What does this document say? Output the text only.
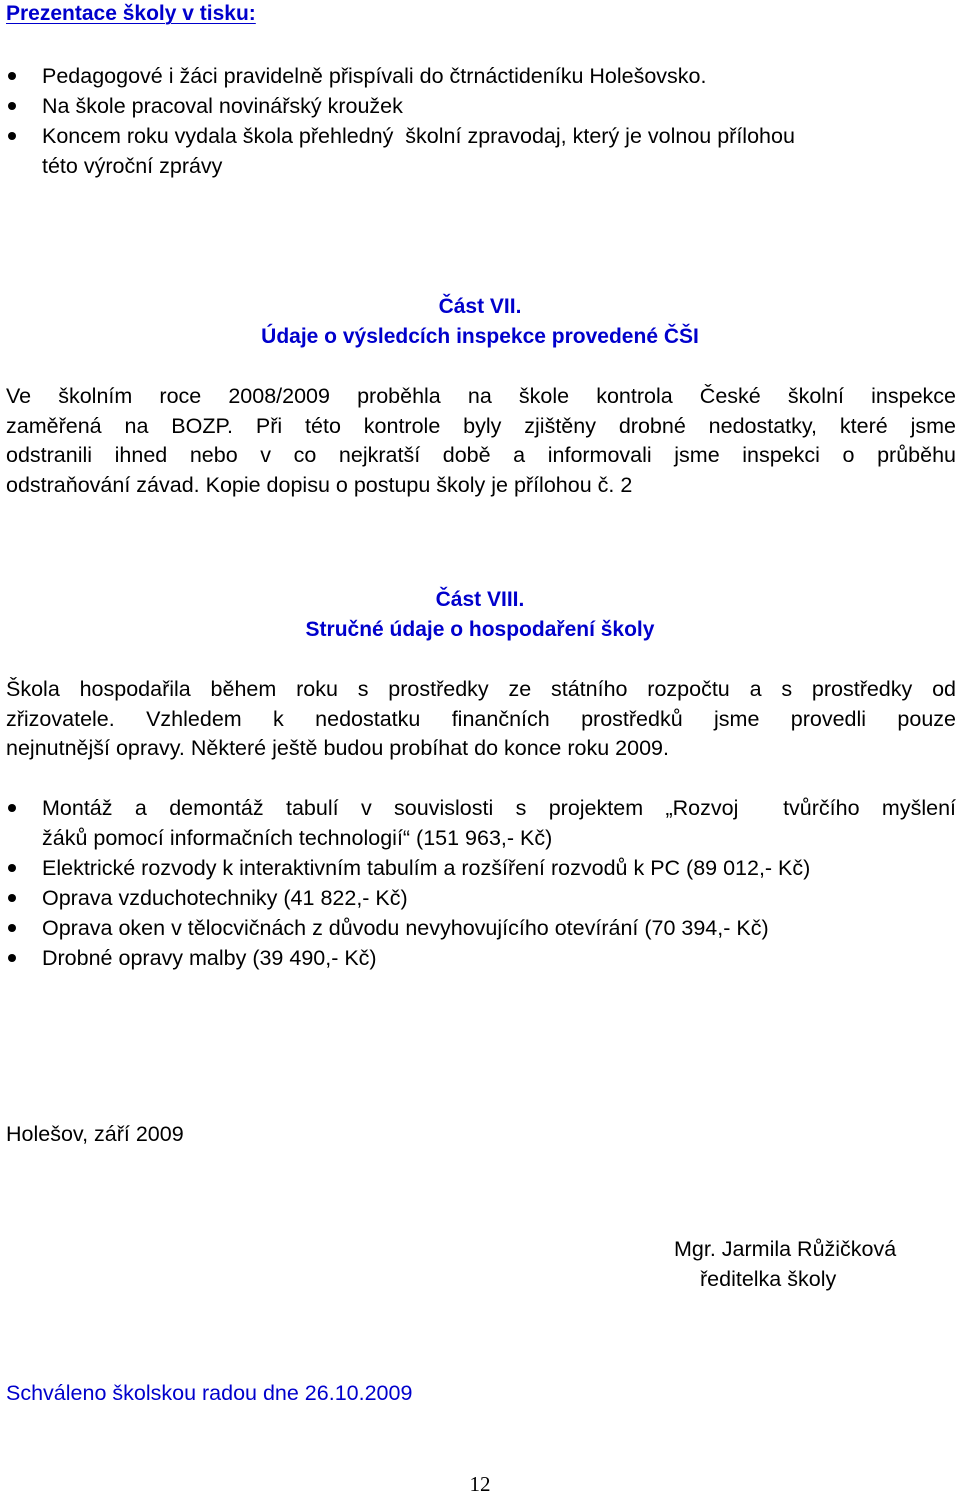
Prezentace školy v tisku:
Pedagogové i žáci pravidelně přispívali do čtrnáctideníku Holešovsko.
Na škole pracoval novinářský kroužek
Koncem roku vydala škola přehledný  školní zpravodaj, který je volnou přílohou
této výroční zprávy
Část VII.
Údaje o výsledcích inspekce provedené ČŠI
Ve školním roce 2008/2009 proběhla na škole kontrola České školní inspekce
zaměřená na BOZP. Při této kontrole byly zjištěny drobné nedostatky, které jsme
odstranili ihned nebo v co nejkratší době a informovali jsme inspekci o průběhu
odstraňování závad. Kopie dopisu o postupu školy je přílohou č. 2
Část VIII.
Stručné údaje o hospodaření školy
Škola hospodařila během roku s prostředky ze státního rozpočtu a s prostředky od
zřizovatele. Vzhledem k nedostatku finančních prostředků jsme provedli pouze
nejnutnější opravy. Některé ještě budou probíhat do konce roku 2009.
Montáž a demontáž tabulí v souvislosti s projektem „Rozvoj  tvůrčího myšlení
žáků pomocí informačních technologií“ (151 963,- Kč)
Elektrické rozvody k interaktivním tabulím a rozšíření rozvodů k PC (89 012,- Kč)
Oprava vzduchotechniky (41 822,- Kč)
Oprava oken v tělocvičnách z důvodu nevyhovujícího otevírání (70 394,- Kč)
Drobné opravy malby (39 490,- Kč)
Holešov, září 2009
Mgr. Jarmila Růžičková
ředitelka školy
Schváleno školskou radou dne 26.10.2009
12
